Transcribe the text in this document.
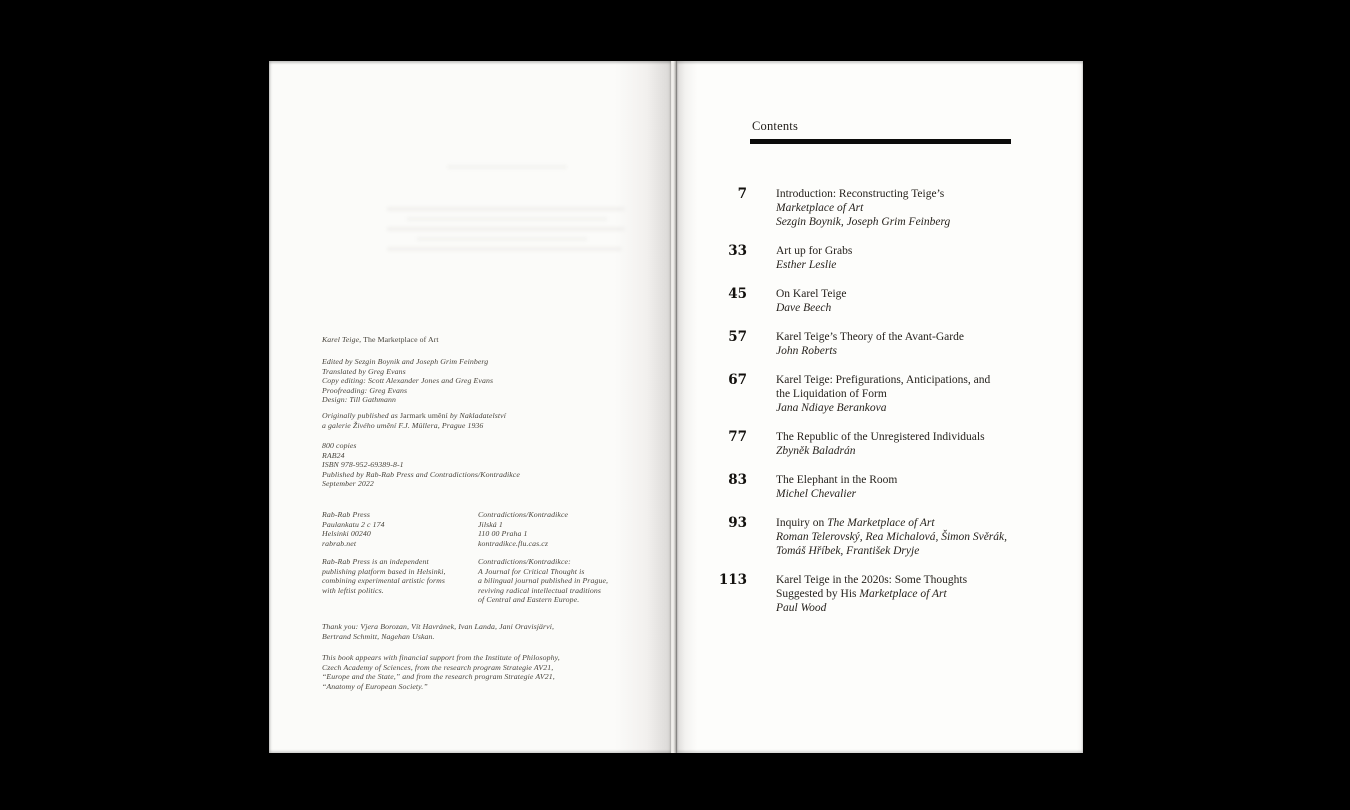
Karel Teige, The Marketplace of Art
Edited by Sezgin Boynik and Joseph Grim Feinberg
Translated by Greg Evans
Copy editing: Scott Alexander Jones and Greg Evans
Proofreading: Greg Evans
Design: Till Gathmann
Originally published as Jarmark umění by Nakladatelství
a galerie Živého umění F.J. Müllera, Prague 1936
800 copies
RAB24
ISBN 978-952-69389-8-1
Published by Rab-Rab Press and Contradictions/Kontradikce
September 2022
Rab-Rab Press
Paulankatu 2 c 174
Helsinki 00240
rabrab.net
Contradictions/Kontradikce
Jilská 1
110 00 Praha 1
kontradikce.flu.cas.cz
Rab-Rab Press is an independent
publishing platform based in Helsinki,
combining experimental artistic forms
with leftist politics.
Contradictions/Kontradikce:
A Journal for Critical Thought is
a bilingual journal published in Prague,
reviving radical intellectual traditions
of Central and Eastern Europe.
Thank you: Vjera Borozan, Vít Havránek, Ivan Landa, Jani Oravisjärvi,
Bertrand Schmitt, Nagehan Uskan.
This book appears with financial support from the Institute of Philosophy,
Czech Academy of Sciences, from the research program Strategie AV21,
“Europe and the State,” and from the research program Strategie AV21,
“Anatomy of European Society.”
Contents
7	Introduction: Reconstructing Teige’s
Marketplace of Art
Sezgin Boynik, Joseph Grim Feinberg
33	Art up for Grabs
Esther Leslie
45	On Karel Teige
Dave Beech
57	Karel Teige’s Theory of the Avant-Garde
John Roberts
67	Karel Teige: Prefigurations, Anticipations, and
the Liquidation of Form
Jana Ndiaye Berankova
77	The Republic of the Unregistered Individuals
Zbyněk Baladrán
83	The Elephant in the Room
Michel Chevalier
93	Inquiry on The Marketplace of Art
Roman Telerovský, Rea Michalová, Šimon Svěrák,
Tomáš Hříbek, František Dryje
113	Karel Teige in the 2020s: Some Thoughts
Suggested by His Marketplace of Art
Paul Wood
